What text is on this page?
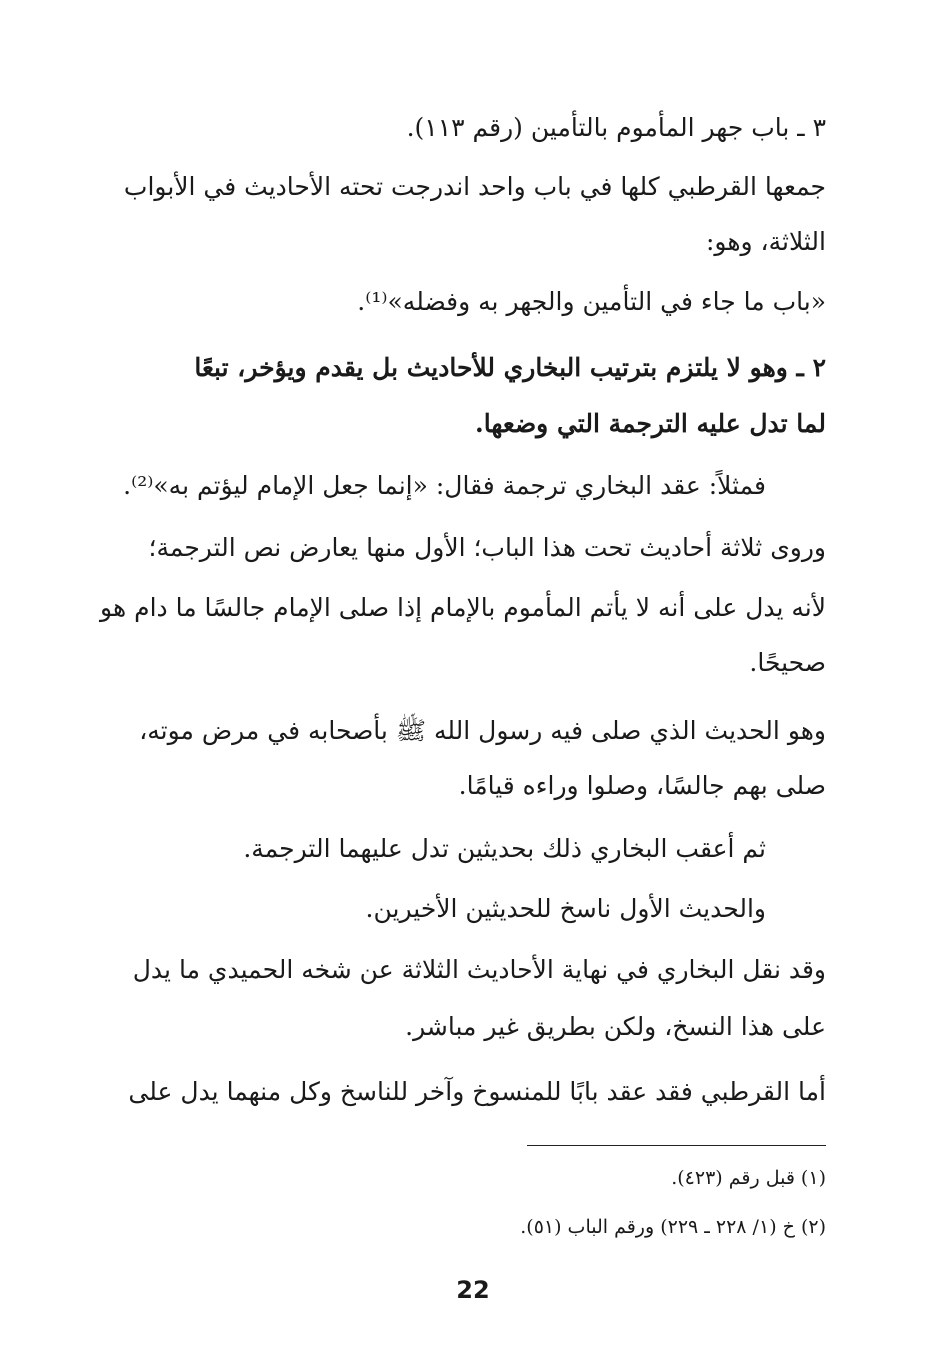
٣ ـ باب جهر المأموم بالتأمين (رقم ١١٣).
جمعها القرطبي كلها في باب واحد اندرجت تحته الأحاديث في الأبواب
الثلاثة، وهو:
«باب ما جاء في التأمين والجهر به وفضله»⁽¹⁾.
٢ ـ وهو لا يلتزم بترتيب البخاري للأحاديث بل يقدم ويؤخر، تبعًا
لما تدل عليه الترجمة التي وضعها.
فمثلاً: عقد البخاري ترجمة فقال: «إنما جعل الإمام ليؤتم به»⁽²⁾.
وروى ثلاثة أحاديث تحت هذا الباب؛ الأول منها يعارض نص الترجمة؛
لأنه يدل على أنه لا يأتم المأموم بالإمام إذا صلى الإمام جالسًا ما دام هو
صحيحًا.
وهو الحديث الذي صلى فيه رسول الله ﷺ بأصحابه في مرض موته،
صلى بهم جالسًا، وصلوا وراءه قيامًا.
ثم أعقب البخاري ذلك بحديثين تدل عليهما الترجمة.
والحديث الأول ناسخ للحديثين الأخيرين.
وقد نقل البخاري في نهاية الأحاديث الثلاثة عن شخه الحميدي ما يدل
على هذا النسخ، ولكن بطريق غير مباشر.
أما القرطبي فقد عقد بابًا للمنسوخ وآخر للناسخ وكل منهما يدل على
(١) قبل رقم (٤٢٣).
(٢) خ (١/ ٢٢٨ ـ ٢٢٩) ورقم الباب (٥١).
22
